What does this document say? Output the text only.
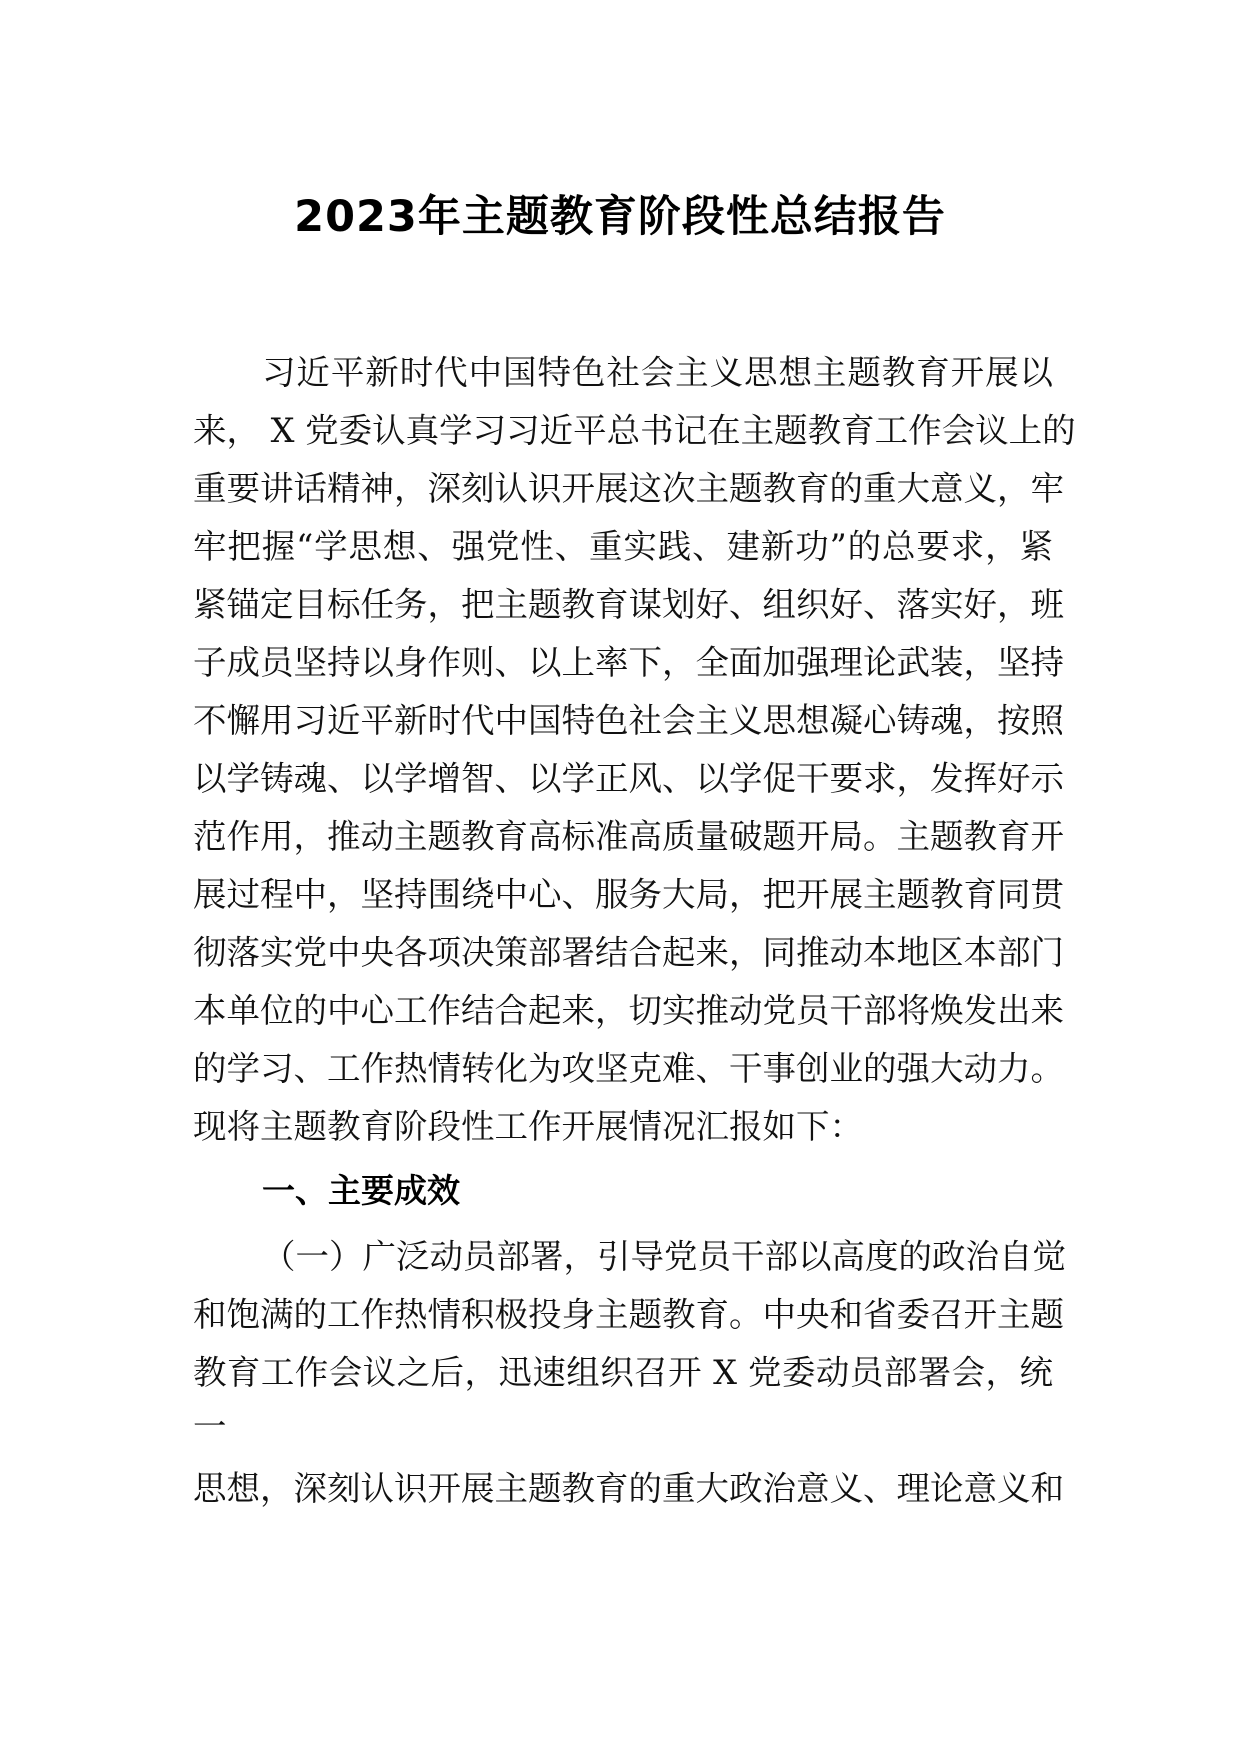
2023年主题教育阶段性总结报告

习近平新时代中国特色社会主义思想主题教育开展以

来， X 党委认真学习习近平总书记在主题教育工作会议上的

重要讲话精神，深刻认识开展这次主题教育的重大意义，牢

牢把握“学思想、强党性、重实践、建新功”的总要求，紧

紧锚定目标任务，把主题教育谋划好、组织好、落实好，班

子成员坚持以身作则、以上率下，全面加强理论武装，坚持

不懈用习近平新时代中国特色社会主义思想凝心铸魂，按照

以学铸魂、以学增智、以学正风、以学促干要求，发挥好示

范作用，推动主题教育高标准高质量破题开局。主题教育开

展过程中，坚持围绕中心、服务大局，把开展主题教育同贯

彻落实党中央各项决策部署结合起来，同推动本地区本部门

本单位的中心工作结合起来，切实推动党员干部将焕发出来

的学习、工作热情转化为攻坚克难、干事创业的强大动力。

现将主题教育阶段性工作开展情况汇报如下：

一、主要成效

（一）广泛动员部署，引导党员干部以高度的政治自觉

和饱满的工作热情积极投身主题教育。中央和省委召开主题

教育工作会议之后，迅速组织召开 X 党委动员部署会，统

一

思想，深刻认识开展主题教育的重大政治意义、理论意义和
